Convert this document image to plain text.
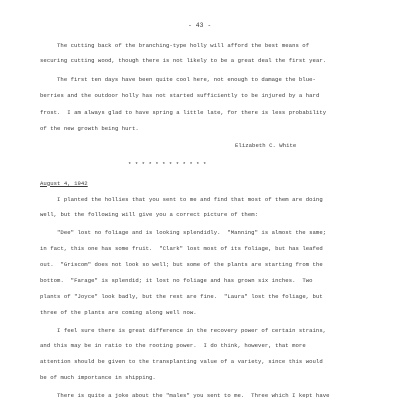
- 43 -
The cutting back of the branching-type holly will afford the best means of
securing cutting wood, though there is not likely to be a great deal the first year.
The first ten days have been quite cool here, not enough to damage the blue-
berries and the outdoor holly has not started sufficiently to be injured by a hard
frost.  I am always glad to have spring a little late, for there is less probability
of the new growth being hurt.
Elizabeth C. White
* * * * * * * * * * * *
August 4, 1942
I planted the hollies that you sent to me and find that most of them are doing
well, but the following will give you a correct picture of them:
"Dee" lost no foliage and is looking splendidly.  "Manning" is almost the same;
in fact, this one has some fruit.  "Clark" lost most of its foliage, but has leafed
out.  "Griscom" does not look so well; but some of the plants are starting from the
bottom.  "Farage" is splendid; it lost no foliage and has grown six inches.  Two
plants of "Joyce" look badly, but the rest are fine.  "Laura" lost the foliage, but
three of the plants are coming along well now.
I feel sure there is great difference in the recovery power of certain strains,
and this may be in ratio to the rooting power.  I do think, however, that more
attention should be given to the transplanting value of a variety, since this would
be of much importance in shipping.
There is quite a joke about the "males" you sent to me.  Three which I kept have
